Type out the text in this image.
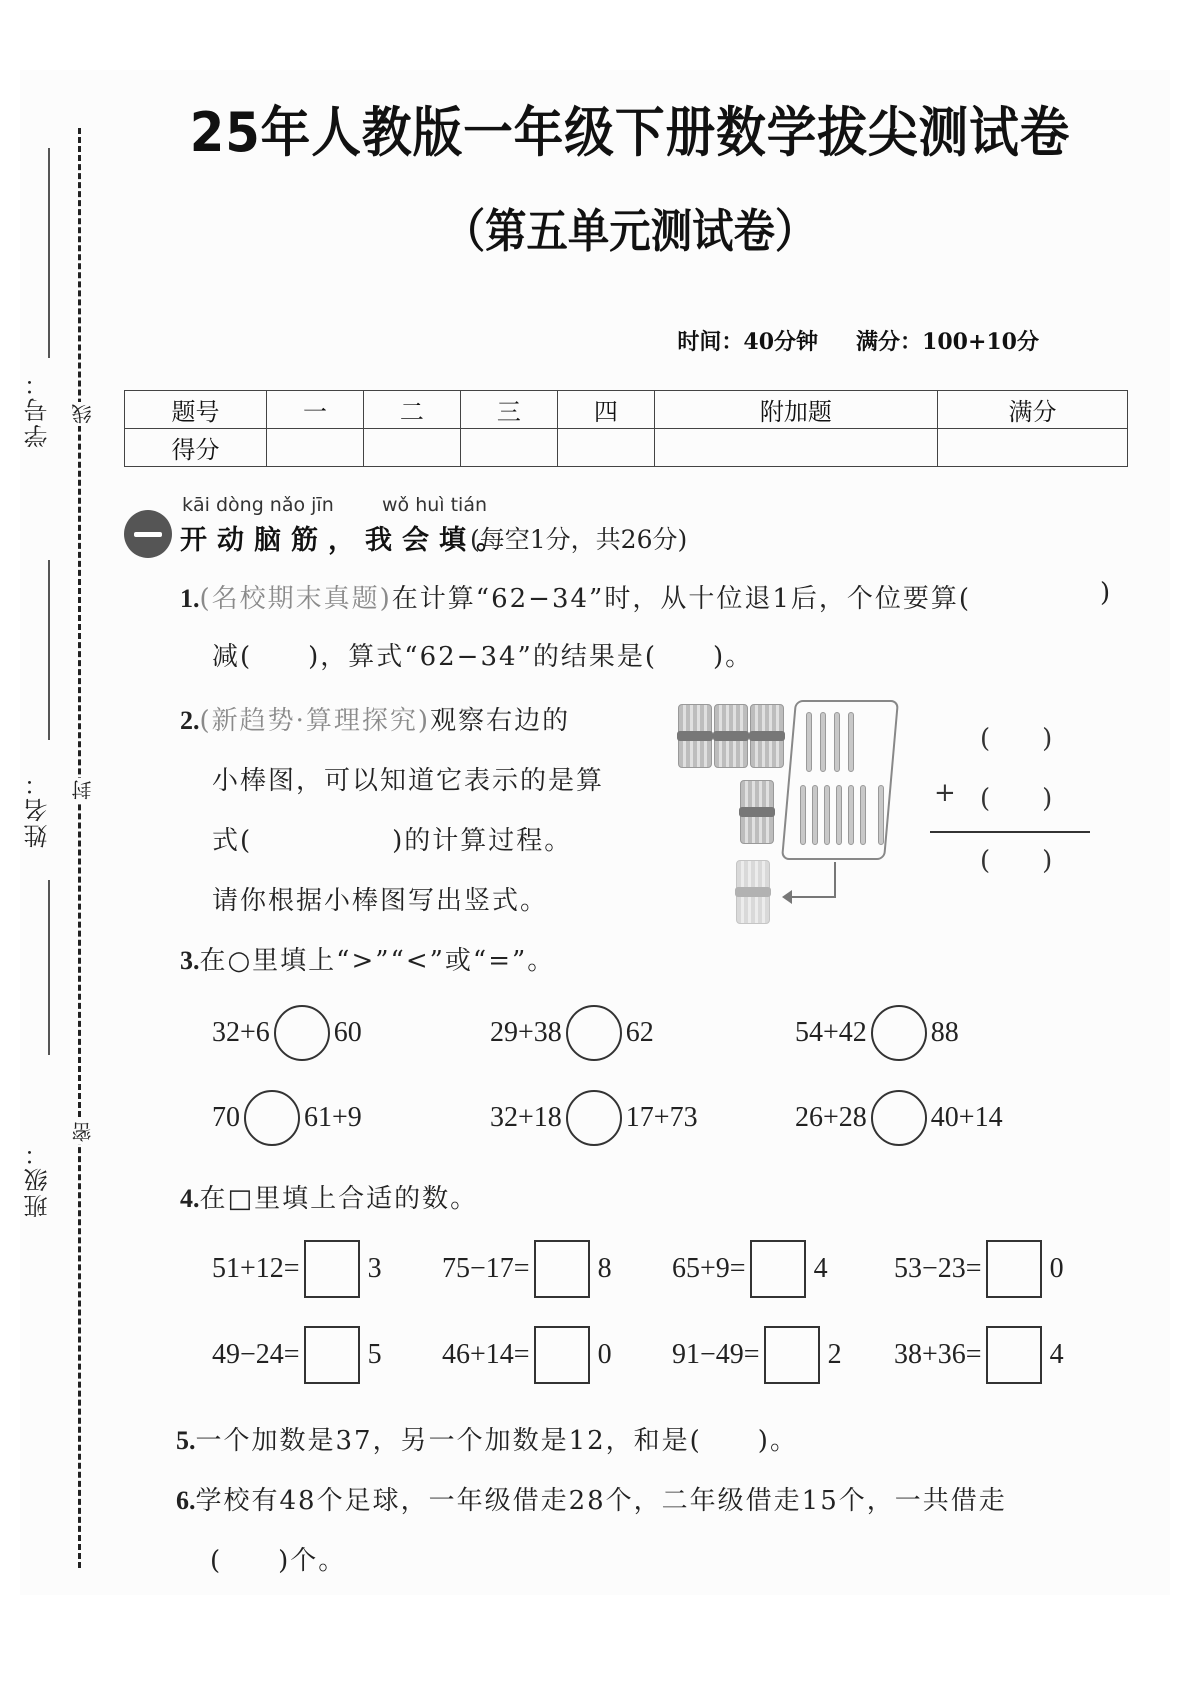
学号： 线
姓名： 封
班级：
密
25年人教版一年级下册数学拔尖测试卷
（第五单元测试卷）
时间：40分钟 满分：100+10分
题号	一	二	三	四	附加题	满分
得分						
kāi dòng nǎo jīn	wǒ huì tián
开动脑筋，我会填。
(每空1分，共26分)
1.(名校期末真题)在计算“62−34”时，从十位退1后，个位要算(	)
减(　　)，算式“62−34”的结果是(　　)。
2.(新趋势·算理探究)观察右边的
小棒图，可以知道它表示的是算
式(　　　　　)的计算过程。
请你根据小棒图写出竖式。
(　　)
+ (　　)
(　　)
3.在○里填上“>”“<”或“=”。
32+6 60	29+38 62	54+42 88
70 61+9	32+18 17+73	26+28 40+14
4.在□里填上合适的数。
51+12= 3 75−17= 8 65+9= 4 53−23= 0
49−24= 5 46+14= 0 91−49= 2 38+36= 4
5.一个加数是37，另一个加数是12，和是(　　)。
6.学校有48个足球，一年级借走28个，二年级借走15个，一共借走
(　　)个。
